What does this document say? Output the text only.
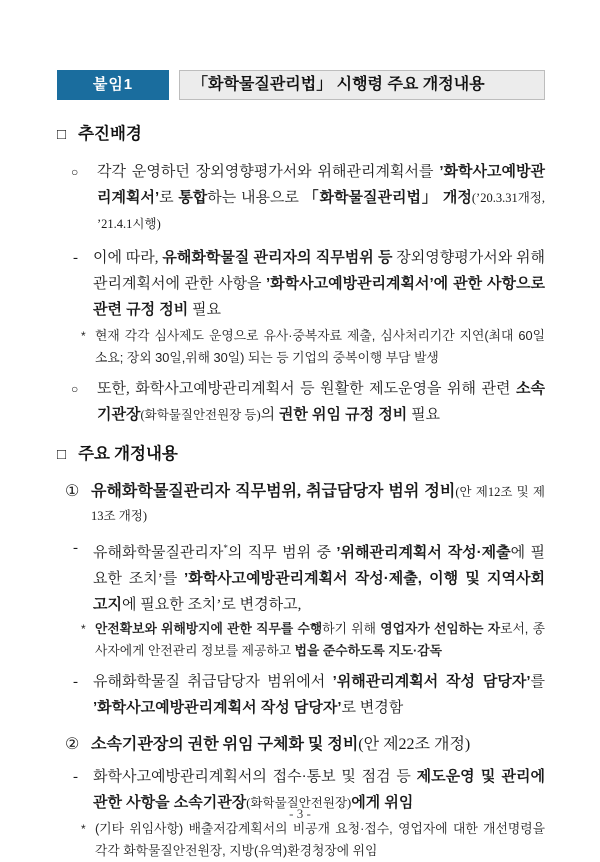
붙임1	「화학물질관리법」 시행령 주요 개정내용
□ 추진배경
○	각각 운영하던 장외영향평가서와 위해관리계획서를 ’화학사고예방관리계획서’로 통합하는 내용으로 「화학물질관리법」 개정(’20.3.31개정, ’21.4.1시행)
-	이에 따라, 유해화학물질 관리자의 직무범위 등 장외영향평가서와 위해관리계획서에 관한 사항을 ’화학사고예방관리계획서’에 관한 사항으로 관련 규정 정비 필요
* 현재 각각 심사제도 운영으로 유사·중복자료 제출, 심사처리기간 지연(최대 60일 소요; 장외 30일,위해 30일) 되는 등 기업의 중복이행 부담 발생
○	또한, 화학사고예방관리계획서 등 원활한 제도운영을 위해 관련 소속기관장(화학물질안전원장 등)의 권한 위임 규정 정비 필요
□ 주요 개정내용
① 유해화학물질관리자 직무범위, 취급담당자 범위 정비(안 제12조 및 제13조 개정)
-	유해화학물질관리자*의 직무 범위 중 ’위해관리계획서 작성·제출에 필요한 조치’를 ’화학사고예방관리계획서 작성·제출, 이행 및 지역사회 고지에 필요한 조치’로 변경하고,
* 안전확보와 위해방지에 관한 직무를 수행하기 위해 영업자가 선임하는 자로서, 종사자에게 안전관리 정보를 제공하고 법을 준수하도록 지도·감독
-	유해화학물질 취급담당자 범위에서 ’위해관리계획서 작성 담당자’를 ’화학사고예방관리계획서 작성 담당자’로 변경함
② 소속기관장의 권한 위임 구체화 및 정비(안 제22조 개정)
-	화학사고예방관리계획서의 접수·통보 및 점검 등 제도운영 및 관리에 관한 사항을 소속기관장(화학물질안전원장)에게 위임
* (기타 위임사항) 배출저감계획서의 비공개 요청·접수, 영업자에 대한 개선명령을 각각 화학물질안전원장, 지방(유역)환경청장에 위임
- 3 -
